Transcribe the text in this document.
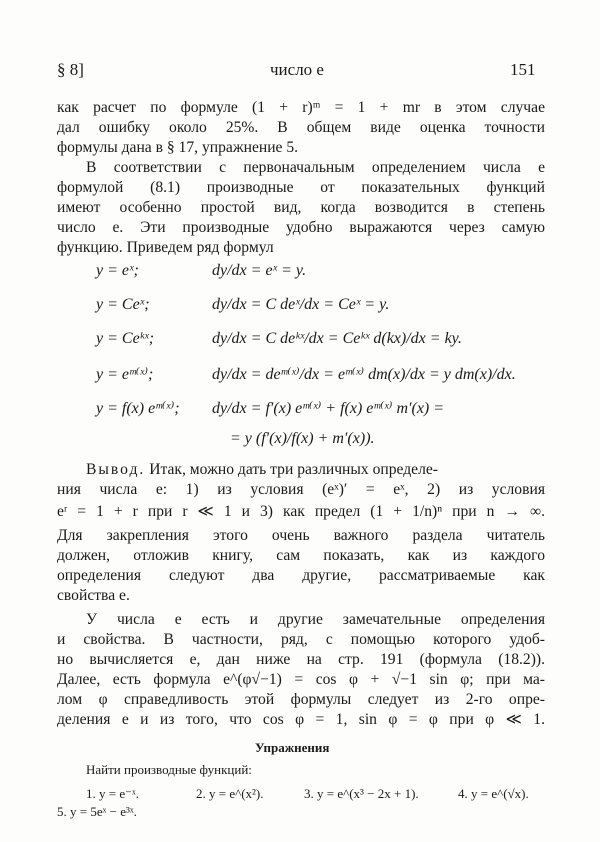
§ 8]	число e	151
как расчет по формуле (1 + r)ᵐ = 1 + mr в этом случае
дал ошибку около 25%. В общем виде оценка точности
формулы дана в § 17, упражнение 5.
В соответствии с первоначальным определением числа e
формулой (8.1) производные от показательных функций
имеют особенно простой вид, когда возводится в степень
число e. Эти производные удобно выражаются через самую
функцию. Приведем ряд формул
y = eˣ;	dy/dx = eˣ = y.
y = Ceˣ;	dy/dx = C deˣ/dx = Ceˣ = y.
y = Ceᵏˣ;	dy/dx = C deᵏˣ/dx = Ceᵏˣ d(kx)/dx = ky.
y = eᵐ⁽ˣ⁾;	dy/dx = deᵐ⁽ˣ⁾/dx = eᵐ⁽ˣ⁾ dm(x)/dx = y dm(x)/dx.
y = f(x) eᵐ⁽ˣ⁾; dy/dx = f′(x) eᵐ⁽ˣ⁾ + f(x) eᵐ⁽ˣ⁾ m′(x) =
= y (f′(x)/f(x) + m′(x)).
Вывод. Итак, можно дать три различных определе-
ния числа e: 1) из условия (eˣ)′ = eˣ, 2) из условия
eʳ = 1 + r при r ≪ 1 и 3) как предел (1 + 1/n)ⁿ при n → ∞.
Для закрепления этого очень важного раздела читатель
должен, отложив книгу, сам показать, как из каждого
определения следуют два другие, рассматриваемые как
свойства e.
У числа e есть и другие замечательные определения
и свойства. В частности, ряд, с помощью которого удоб-
но вычисляется e, дан ниже на стр. 191 (формула (18.2)).
Далее, есть формула e^(φ√−1) = cos φ + √−1 sin φ; при ма-
лом φ справедливость этой формулы следует из 2-го опре-
деления e и из того, что cos φ = 1, sin φ = φ при φ ≪ 1.
Упражнения
Найти производные функций:
1. y = e⁻ˣ.	2. y = e^(x²).	3. y = e^(x³ − 2x + 1).	4. y = e^(√x).
5. y = 5eˣ − e³ˣ.
